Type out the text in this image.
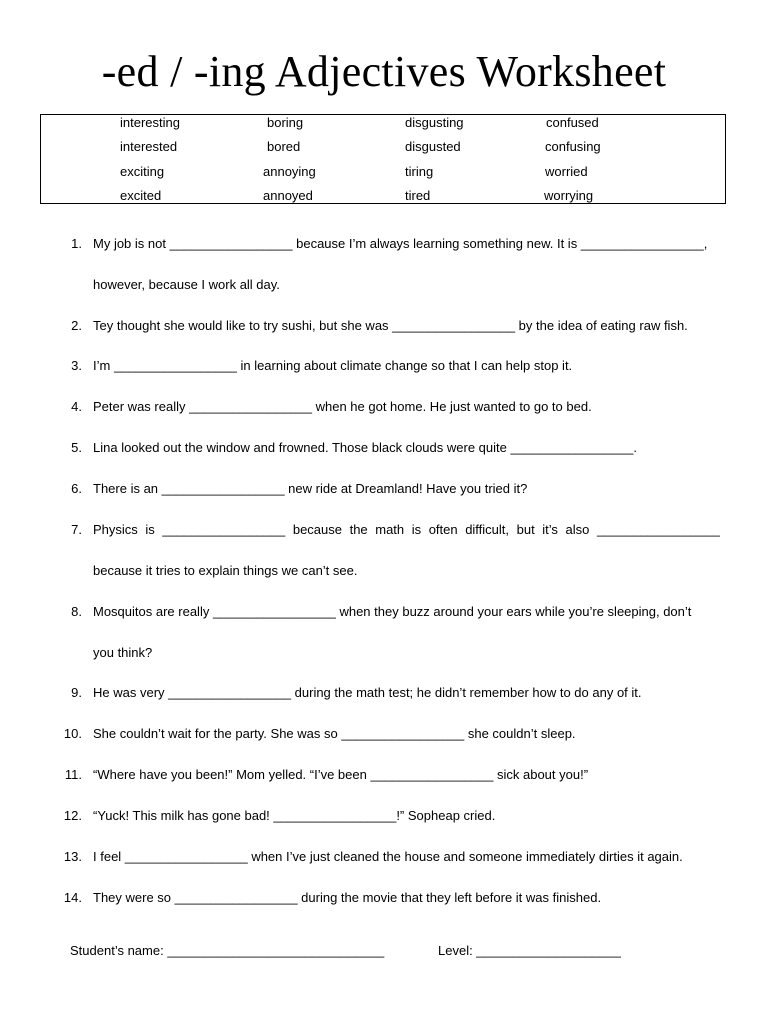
-ed / -ing Adjectives Worksheet
interesting
interested
exciting
excited
boring
bored
annoying
annoyed
disgusting
disgusted
tiring
tired
confused
confusing
worried
worrying
1. My job is not _________________ because I’m always learning something new. It is _________________,
however, because I work all day.
2. Tey thought she would like to try sushi, but she was _________________ by the idea of eating raw fish.
3. I’m _________________ in learning about climate change so that I can help stop it.
4. Peter was really _________________ when he got home. He just wanted to go to bed.
5. Lina looked out the window and frowned. Those black clouds were quite _________________.
6. There is an _________________ new ride at Dreamland! Have you tried it?
7. Physics is _________________ because the math is often difficult, but it’s also _________________
because it tries to explain things we can’t see.
8. Mosquitos are really _________________ when they buzz around your ears while you’re sleeping, don’t
you think?
9. He was very _________________ during the math test; he didn’t remember how to do any of it.
10. She couldn’t wait for the party. She was so _________________ she couldn’t sleep.
11. “Where have you been!” Mom yelled. “I’ve been _________________ sick about you!”
12. “Yuck! This milk has gone bad! _________________!” Sopheap cried.
13. I feel _________________ when I’ve just cleaned the house and someone immediately dirties it again.
14. They were so _________________ during the movie that they left before it was finished.
Student’s name: ______________________________	Level: ____________________
